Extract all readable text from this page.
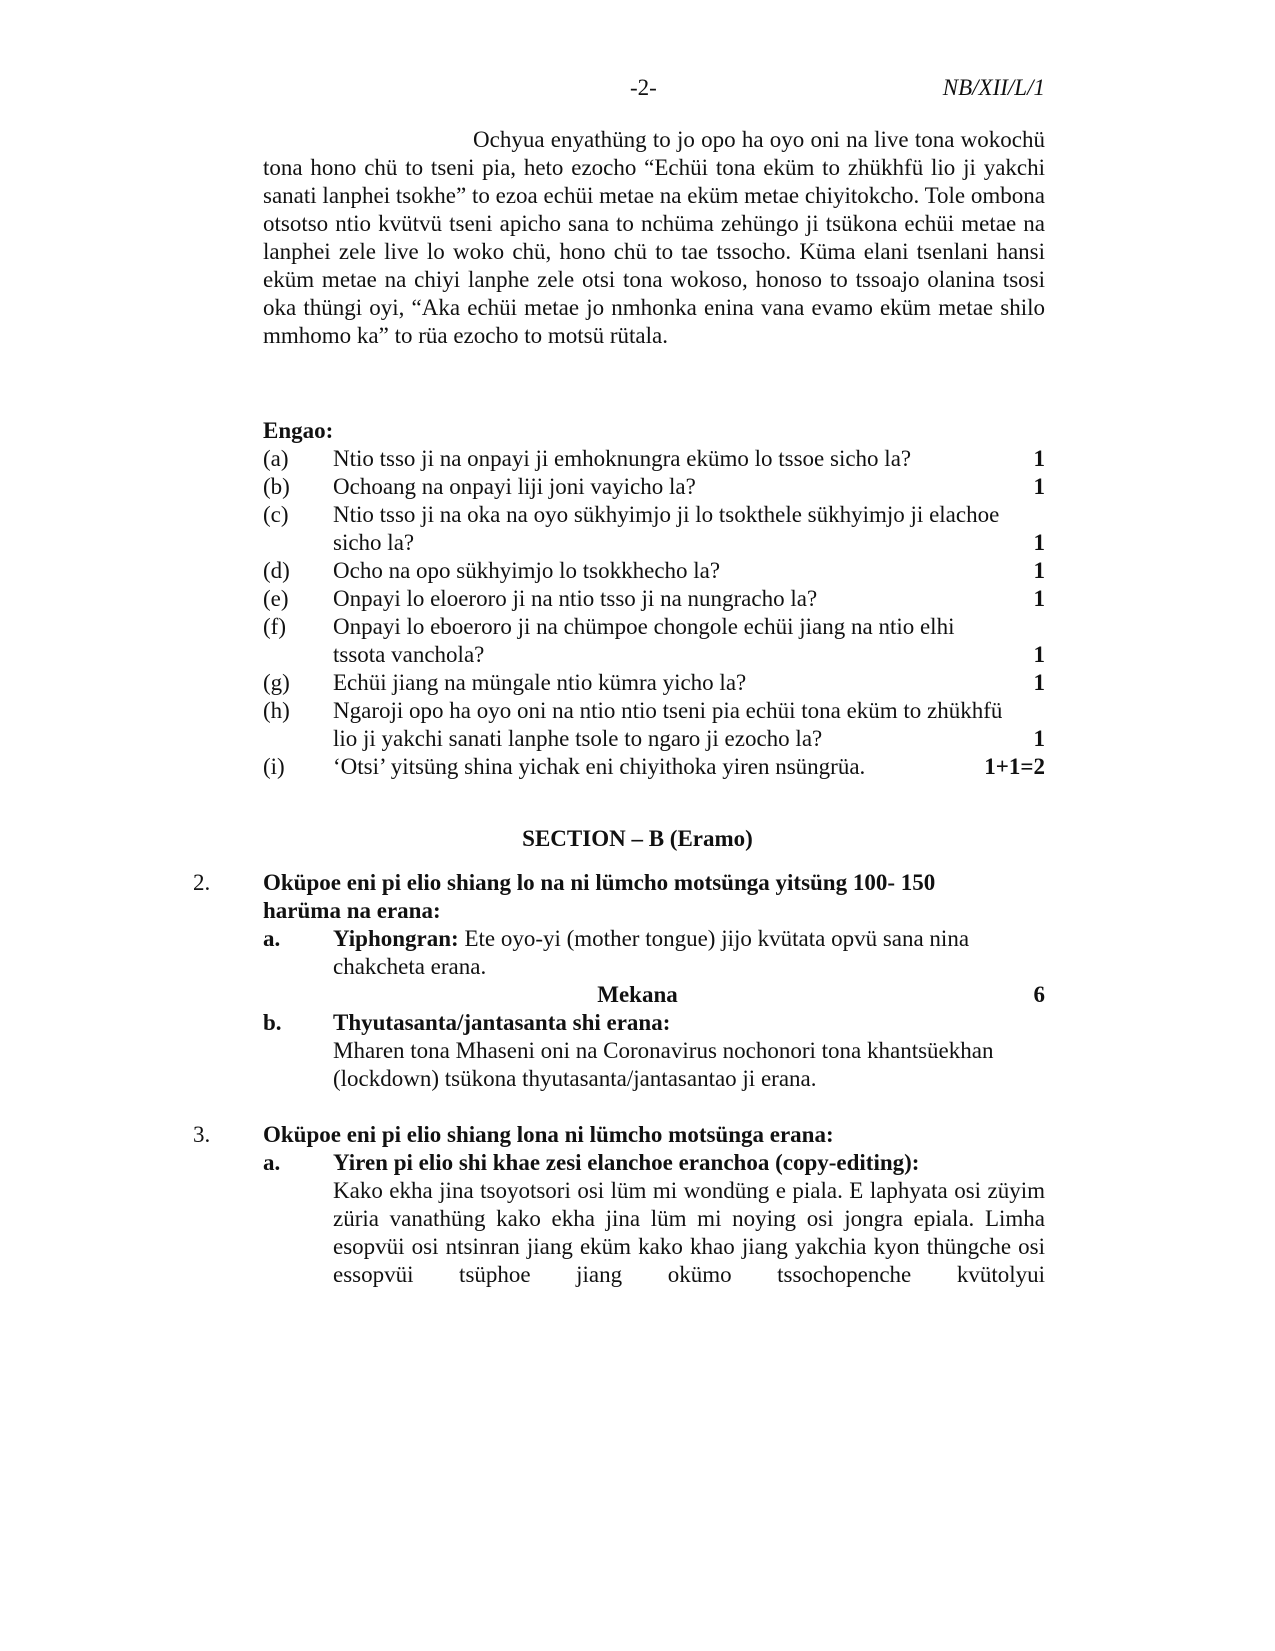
-2-	NB/XII/L/1
Ochyua enyathüng to jo opo ha oyo oni na live tona wokochü tona hono chü to tseni pia, heto ezocho “Echüi tona eküm to zhükhfü lio ji yakchi sanati lanphei tsokhe” to ezoa echüi metae na eküm metae chiyitokcho. Tole ombona otsotso ntio kvütvü tseni apicho sana to nchüma zehüngo ji tsükona echüi metae na lanphei zele live lo woko chü, hono chü to tae tssocho. Küma elani tsenlani hansi eküm metae na chiyi lanphe zele otsi tona wokoso, honoso to tssoajo olanina tsosi oka thüngi oyi, “Aka echüi metae jo nmhonka enina vana evamo eküm metae shilo mmhomo ka” to rüa ezocho to motsü rütala.
Engao:
(a)	Ntio tsso ji na onpayi ji emhoknungra ekümo lo tssoe sicho la?	1
(b)	Ochoang na onpayi liji joni vayicho la?	1
(c)	Ntio tsso ji na oka na oyo sükhyimjo ji lo tsokthele sükhyimjo ji elachoe sicho la?	1
(d)	Ocho na opo sükhyimjo lo tsokkhecho la?	1
(e)	Onpayi lo eloeroro ji na ntio tsso ji na nungracho la?	1
(f)	Onpayi lo eboeroro ji na chümpoe chongole echüi jiang na ntio elhi tssota vanchola?	1
(g)	Echüi jiang na müngale ntio kümra yicho la?	1
(h)	Ngaroji opo ha oyo oni na ntio ntio tseni pia echüi tona eküm to zhükhfü lio ji yakchi sanati lanphe tsole to ngaro ji ezocho la?	1
(i)	‘Otsi’ yitsüng shina yichak eni chiyithoka yiren nsüngrüa.	1+1=2
SECTION – B (Eramo)
2. Oküpoe eni pi elio shiang lo na ni lümcho motsünga yitsüng 100- 150 harüma na erana:
a. Yiphongran: Ete oyo-yi (mother tongue) jijo kvütata opvü sana nina chakcheta erana.
Mekana	6
b. Thyutasanta/jantasanta shi erana:
Mharen tona Mhaseni oni na Coronavirus nochonori tona khantsüekhan (lockdown) tsükona thyutasanta/jantasantao ji erana.
3. Oküpoe eni pi elio shiang lona ni lümcho motsünga erana:
a. Yiren pi elio shi khae zesi elanchoe eranchoa (copy-editing):
Kako ekha jina tsoyotsori osi lüm mi wondüng e piala. E laphyata osi züyim züria vanathüng kako ekha jina lüm mi noying osi jongra epiala. Limha esopvüi osi ntsinran jiang eküm kako khao jiang yakchia kyon thüngche osi essopvüi tsüphoe jiang okümo tssochopenche kvütolyui
